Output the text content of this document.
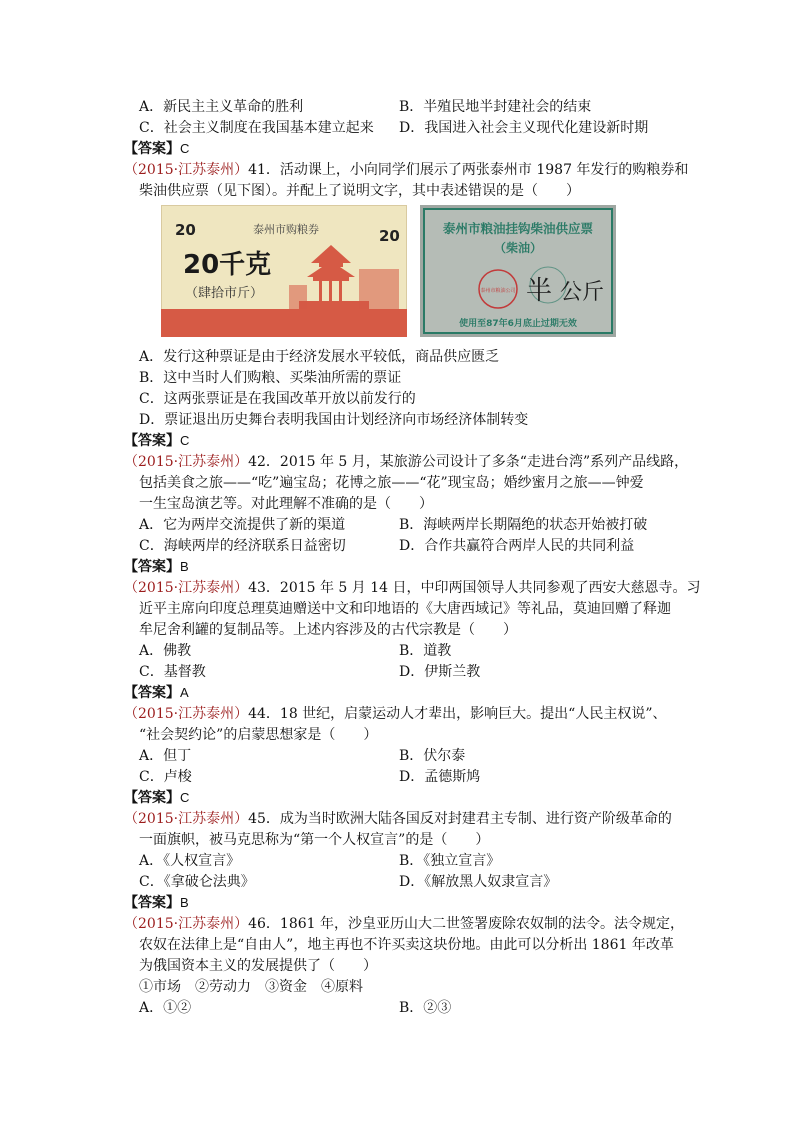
A．新民主主义革命的胜利	B．半殖民地半封建社会的结束
C．社会主义制度在我国基本建立起来 D．我国进入社会主义现代化建设新时期
【答案】C
（2015·江苏泰州）41．活动课上，小向同学们展示了两张泰州市 1987 年发行的购粮券和
柴油供应票（见下图）。并配上了说明文字，其中表述错误的是（　　）
20	20
泰州市购粮券
20千克
（肆拾市斤）
泰州市粮油挂钩柴油供应票
（柴油）
泰州市粮油公司 半 公斤
使用至87年6月底止过期无效
A．发行这种票证是由于经济发展水平较低，商品供应匮乏
B．这中当时人们购粮、买柴油所需的票证
C．这两张票证是在我国改革开放以前发行的
D．票证退出历史舞台表明我国由计划经济向市场经济体制转变
【答案】C
（2015·江苏泰州）42．2015 年 5 月，某旅游公司设计了多条“走进台湾”系列产品线路，
包括美食之旅——“吃”遍宝岛；花博之旅——“花”现宝岛；婚纱蜜月之旅——钟爱
一生宝岛演艺等。对此理解不准确的是（　　）
A．它为两岸交流提供了新的渠道	B．海峡两岸长期隔绝的状态开始被打破
C．海峡两岸的经济联系日益密切	D．合作共赢符合两岸人民的共同利益
【答案】B
（2015·江苏泰州）43．2015 年 5 月 14 日，中印两国领导人共同参观了西安大慈恩寺。习
近平主席向印度总理莫迪赠送中文和印地语的《大唐西域记》等礼品，莫迪回赠了释迦
牟尼舍利罐的复制品等。上述内容涉及的古代宗教是（　　）
A．佛教	B．道教
C．基督教	D．伊斯兰教
【答案】A
（2015·江苏泰州）44．18 世纪，启蒙运动人才辈出，影响巨大。提出“人民主权说”、
“社会契约论”的启蒙思想家是（　　）
A．但丁	B．伏尔泰
C．卢梭	D．孟德斯鸠
【答案】C
（2015·江苏泰州）45．成为当时欧洲大陆各国反对封建君主专制、进行资产阶级革命的
一面旗帜，被马克思称为“第一个人权宣言”的是（　　）
A．《人权宣言》	B．《独立宣言》
C．《拿破仑法典》	D．《解放黑人奴隶宣言》
【答案】B
（2015·江苏泰州）46．1861 年，沙皇亚历山大二世签署废除农奴制的法令。法令规定，
农奴在法律上是“自由人”，地主再也不许买卖这块份地。由此可以分析出 1861 年改革
为俄国资本主义的发展提供了（　　）
①市场　②劳动力　③资金　④原料
A．①②	B．②③
